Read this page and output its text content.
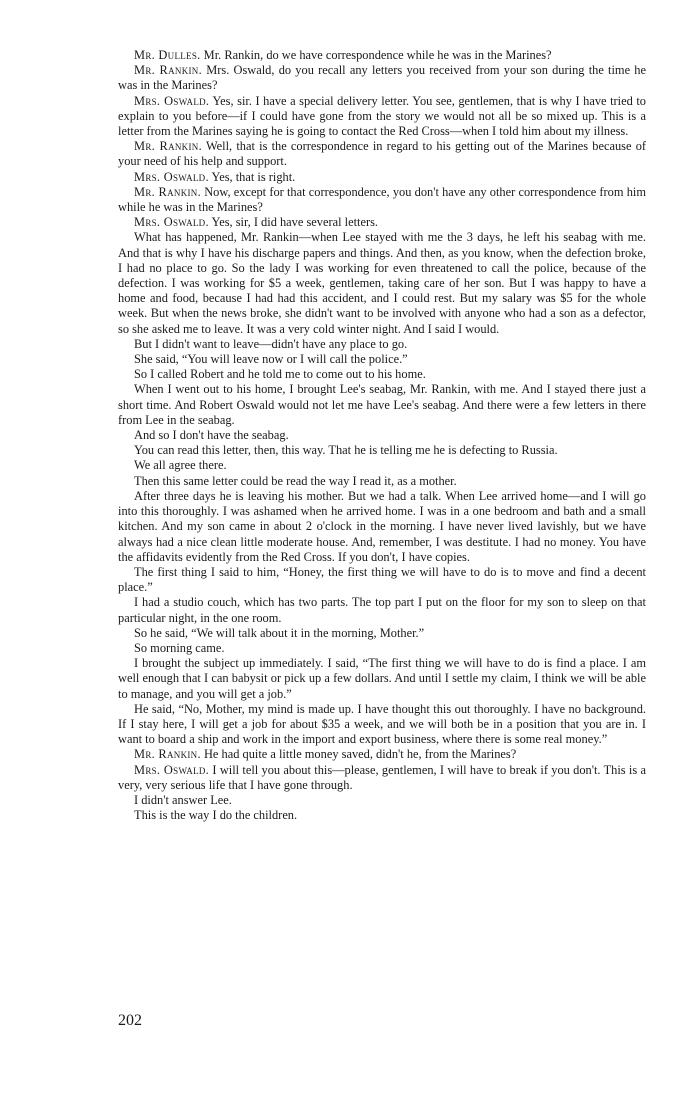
Mr. Dulles. Mr. Rankin, do we have correspondence while he was in the Marines?

Mr. Rankin. Mrs. Oswald, do you recall any letters you received from your son during the time he was in the Marines?

Mrs. Oswald. Yes, sir. I have a special delivery letter. You see, gentlemen, that is why I have tried to explain to you before—if I could have gone from the story we would not all be so mixed up. This is a letter from the Marines saying he is going to contact the Red Cross—when I told him about my illness.

Mr. Rankin. Well, that is the correspondence in regard to his getting out of the Marines because of your need of his help and support.

Mrs. Oswald. Yes, that is right.

Mr. Rankin. Now, except for that correspondence, you don't have any other correspondence from him while he was in the Marines?

Mrs. Oswald. Yes, sir, I did have several letters.

What has happened, Mr. Rankin—when Lee stayed with me the 3 days, he left his seabag with me. And that is why I have his discharge papers and things. And then, as you know, when the defection broke, I had no place to go. So the lady I was working for even threatened to call the police, because of the defection. I was working for $5 a week, gentlemen, taking care of her son. But I was happy to have a home and food, because I had had this accident, and I could rest. But my salary was $5 for the whole week. But when the news broke, she didn't want to be involved with anyone who had a son as a defector, so she asked me to leave. It was a very cold winter night. And I said I would.

But I didn't want to leave—didn't have any place to go.

She said, “You will leave now or I will call the police.”

So I called Robert and he told me to come out to his home.

When I went out to his home, I brought Lee's seabag, Mr. Rankin, with me. And I stayed there just a short time. And Robert Oswald would not let me have Lee's seabag. And there were a few letters in there from Lee in the seabag.

And so I don't have the seabag.

You can read this letter, then, this way. That he is telling me he is defecting to Russia.

We all agree there.

Then this same letter could be read the way I read it, as a mother.

After three days he is leaving his mother. But we had a talk. When Lee arrived home—and I will go into this thoroughly. I was ashamed when he arrived home. I was in a one bedroom and bath and a small kitchen. And my son came in about 2 o'clock in the morning. I have never lived lavishly, but we have always had a nice clean little moderate house. And, remember, I was destitute. I had no money. You have the affidavits evidently from the Red Cross. If you don't, I have copies.

The first thing I said to him, “Honey, the first thing we will have to do is to move and find a decent place.”

I had a studio couch, which has two parts. The top part I put on the floor for my son to sleep on that particular night, in the one room.

So he said, “We will talk about it in the morning, Mother.”

So morning came.

I brought the subject up immediately. I said, “The first thing we will have to do is find a place. I am well enough that I can babysit or pick up a few dollars. And until I settle my claim, I think we will be able to manage, and you will get a job.”

He said, “No, Mother, my mind is made up. I have thought this out thoroughly. I have no background. If I stay here, I will get a job for about $35 a week, and we will both be in a position that you are in. I want to board a ship and work in the import and export business, where there is some real money.”

Mr. Rankin. He had quite a little money saved, didn't he, from the Marines?

Mrs. Oswald. I will tell you about this—please, gentlemen, I will have to break if you don't. This is a very, very serious life that I have gone through.

I didn't answer Lee.

This is the way I do the children.

202
